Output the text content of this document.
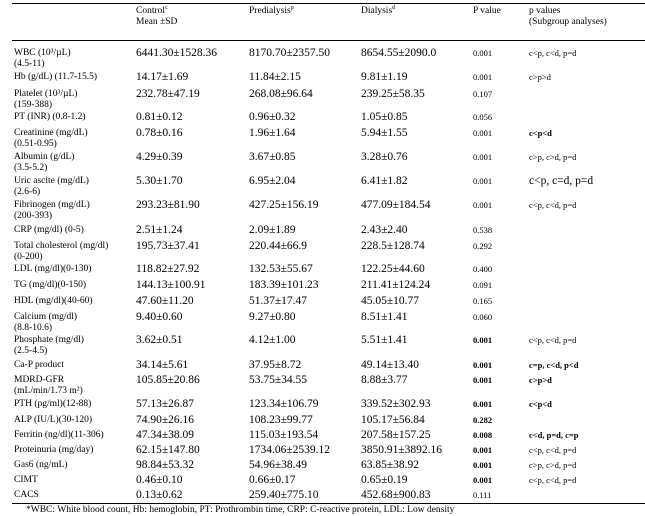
Control$^c$
Mean ±SD
Predialysis$^p$	Dialysis$^d$	P value	p values
(Subgroup analyses)
WBC (10³/µL)
(4.5-11)
6441.30±1528.36	8170.70±2357.50	8654.55±2090.0	0.001	c<p, c<d, p=d
Hb (g/dL) (11.7-15.5)	14.17±1.69	11.84±2.15	9.81±1.19	0.001	c>p>d
Platelet (10³/µL)
(159-388)
232.78±47.19	268.08±96.64	239.25±58.35	0.107
PT (INR) (0.8-1.2)	0.81±0.12	0.96±0.32	1.05±0.85	0.056
Creatinine (mg/dL)
(0.51-0.95)
0.78±0.16	1.96±1.64	5.94±1.55	0.001	c<p<d
Albumin (g/dL)
(3.5-5.2)
4.29±0.39	3.67±0.85	3.28±0.76	0.001	c>p, c>d, p=d
Uric ascite (mg/dL)
(2.6-6)
5.30±1.70	6.95±2.04	6.41±1.82	0.001	c<p, c=d, p=d
Fibrinogen (mg/dL)
(200-393)
293.23±81.90	427.25±156.19	477.09±184.54	0.001	c<p, c<d, p=d
CRP (mg/dl) (0-5)	2.51±1.24	2.09±1.89	2.43±2.40	0.538
Total cholesterol (mg/dl)
(0-200)
195.73±37.41	220.44±66.9	228.5±128.74	0.292
LDL (mg/dl)(0-130)	118.82±27.92	132.53±55.67	122.25±44.60	0.400
TG (mg/dl)(0-150)	144.13±100.91	183.39±101.23	211.41±124.24	0.091
HDL (mg/dl)(40-60)	47.60±11.20	51.37±17.47	45.05±10.77	0.165
Calcium (mg/dl)
(8.8-10.6)
9.40±0.60	9.27±0.80	8.51±1.41	0.060
Phosphate (mg/dl)
(2.5-4.5)
3.62±0.51	4.12±1.00	5.51±1.41	0.001	c<p, c<d, p=d
Ca-P product	34.14±5.61	37.95±8.72	49.14±13.40	0.001	c=p, c<d, p<d
MDRD-GFR
(mL/min/1.73 m²)
105.85±20.86	53.75±34.55	8.88±3.77	0.001	c>p>d
PTH (pg/ml)(12-88)	57.13±26.87	123.34±106.79	339.52±302.93	0.001	c<p<d
ALP (IU/L)(30-120)	74.90±26.16	108.23±99.77	105.17±56.84	0.282
Ferritin (ng/dl)(11-306)	47.34±38.09	115.03±193.54	207.58±157.25	0.008	c<d, p=d, c=p
Proteinuria (mg/day)	62.15±147.80	1734.06±2539.12	3850.91±3892.16	0.001	c<p, c<d, p=d
Gas6 (ng/mL)	98.84±53.32	54.96±38.49	63.85±38.92	0.001	c>p, c>d, p=d
CIMT	0.46±0.10	0.66±0.17	0.65±0.19	0.001	c<p, c<d, p=d
CACS	0.13±0.62	259.40±775.10	452.68±900.83	0.111
*WBC: White blood count, Hb: hemoglobin, PT: Prothrombin time, CRP: C-reactive protein, LDL: Low density
